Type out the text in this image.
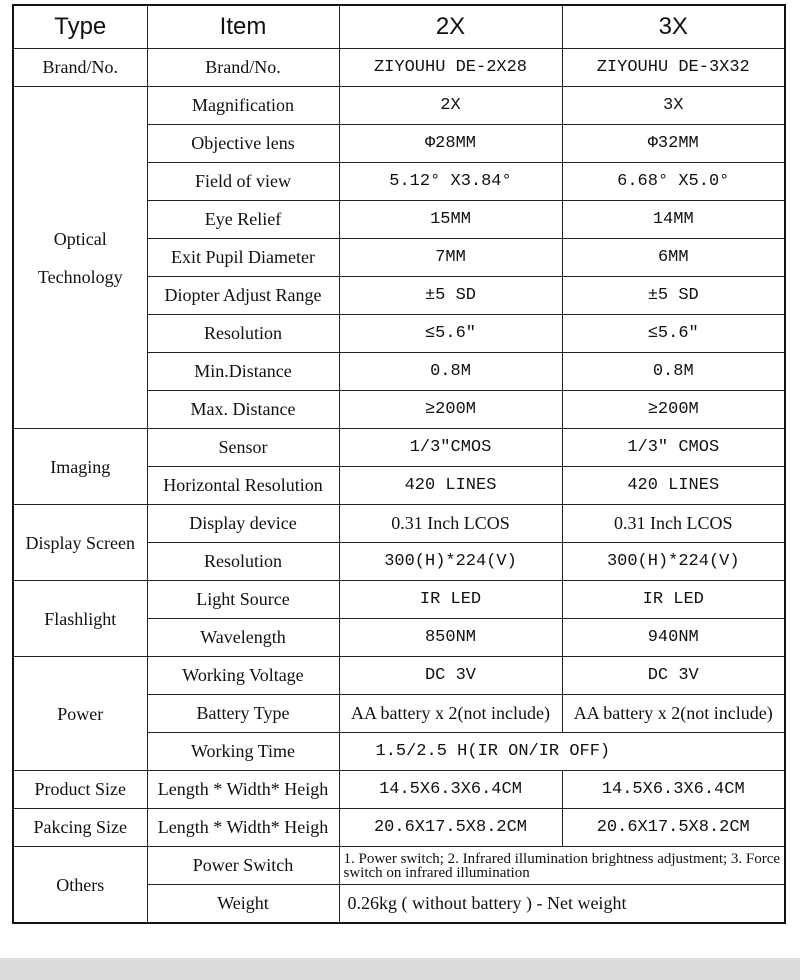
Type	Item	2X	3X
Brand/No.	Brand/No.	ZIYOUHU DE-2X28	ZIYOUHU DE-3X32
Optical Technology	Magnification	2X	3X
	Objective lens	Φ28MM	Φ32MM
	Field of view	5.12° X3.84°	6.68° X5.0°
	Eye Relief	15MM	14MM
	Exit Pupil Diameter	7MM	6MM
	Diopter Adjust Range	±5 SD	±5 SD
	Resolution	≤5.6″	≤5.6″
	Min.Distance	0.8M	0.8M
	Max. Distance	≥200M	≥200M
Imaging	Sensor	1/3″CMOS	1/3″ CMOS
	Horizontal Resolution	420 LINES	420 LINES
Display Screen	Display device	0.31 Inch LCOS	0.31 Inch LCOS
	Resolution	300(H)*224(V)	300(H)*224(V)
Flashlight	Light Source	IR LED	IR LED
	Wavelength	850NM	940NM
Power	Working Voltage	DC 3V	DC 3V
	Battery Type	AA battery x 2(not include)	AA battery x 2(not include)
	Working Time	1.5/2.5 H(IR ON/IR OFF)	
Product Size	Length * Width* Heigh	14.5X6.3X6.4CM	14.5X6.3X6.4CM
Pakcing Size	Length * Width* Heigh	20.6X17.5X8.2CM	20.6X17.5X8.2CM
Others	Power Switch	1. Power switch; 2. Infrared illumination brightness adjustment; 3. Force switch on infrared illumination	
	Weight	0.26kg ( without battery ) - Net weight	
